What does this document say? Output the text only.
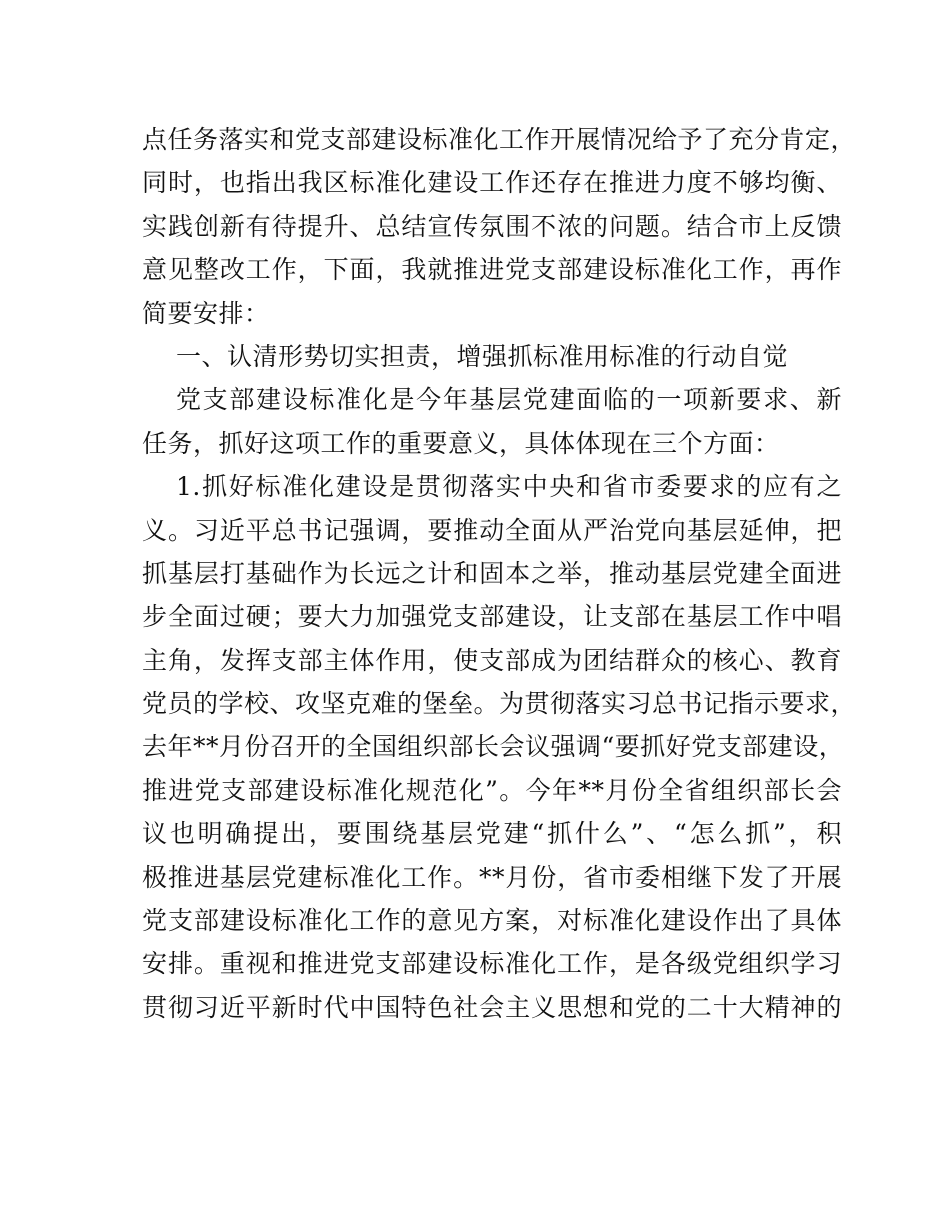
点任务落实和党支部建设标准化工作开展情况给予了充分肯定，
同时，也指出我区标准化建设工作还存在推进力度不够均衡、
实践创新有待提升、总结宣传氛围不浓的问题。结合市上反馈
意见整改工作，下面，我就推进党支部建设标准化工作，再作
简要安排：
一、认清形势切实担责，增强抓标准用标准的行动自觉
党支部建设标准化是今年基层党建面临的一项新要求、新
任务，抓好这项工作的重要意义，具体体现在三个方面：
1.抓好标准化建设是贯彻落实中央和省市委要求的应有之
义。习近平总书记强调，要推动全面从严治党向基层延伸，把
抓基层打基础作为长远之计和固本之举，推动基层党建全面进
步全面过硬；要大力加强党支部建设，让支部在基层工作中唱
主角，发挥支部主体作用，使支部成为团结群众的核心、教育
党员的学校、攻坚克难的堡垒。为贯彻落实习总书记指示要求，
去年**月份召开的全国组织部长会议强调“要抓好党支部建设，
推进党支部建设标准化规范化”。今年**月份全省组织部长会
议也明确提出，要围绕基层党建“抓什么”、“怎么抓”，积
极推进基层党建标准化工作。**月份，省市委相继下发了开展
党支部建设标准化工作的意见方案，对标准化建设作出了具体
安排。重视和推进党支部建设标准化工作，是各级党组织学习
贯彻习近平新时代中国特色社会主义思想和党的二十大精神的
